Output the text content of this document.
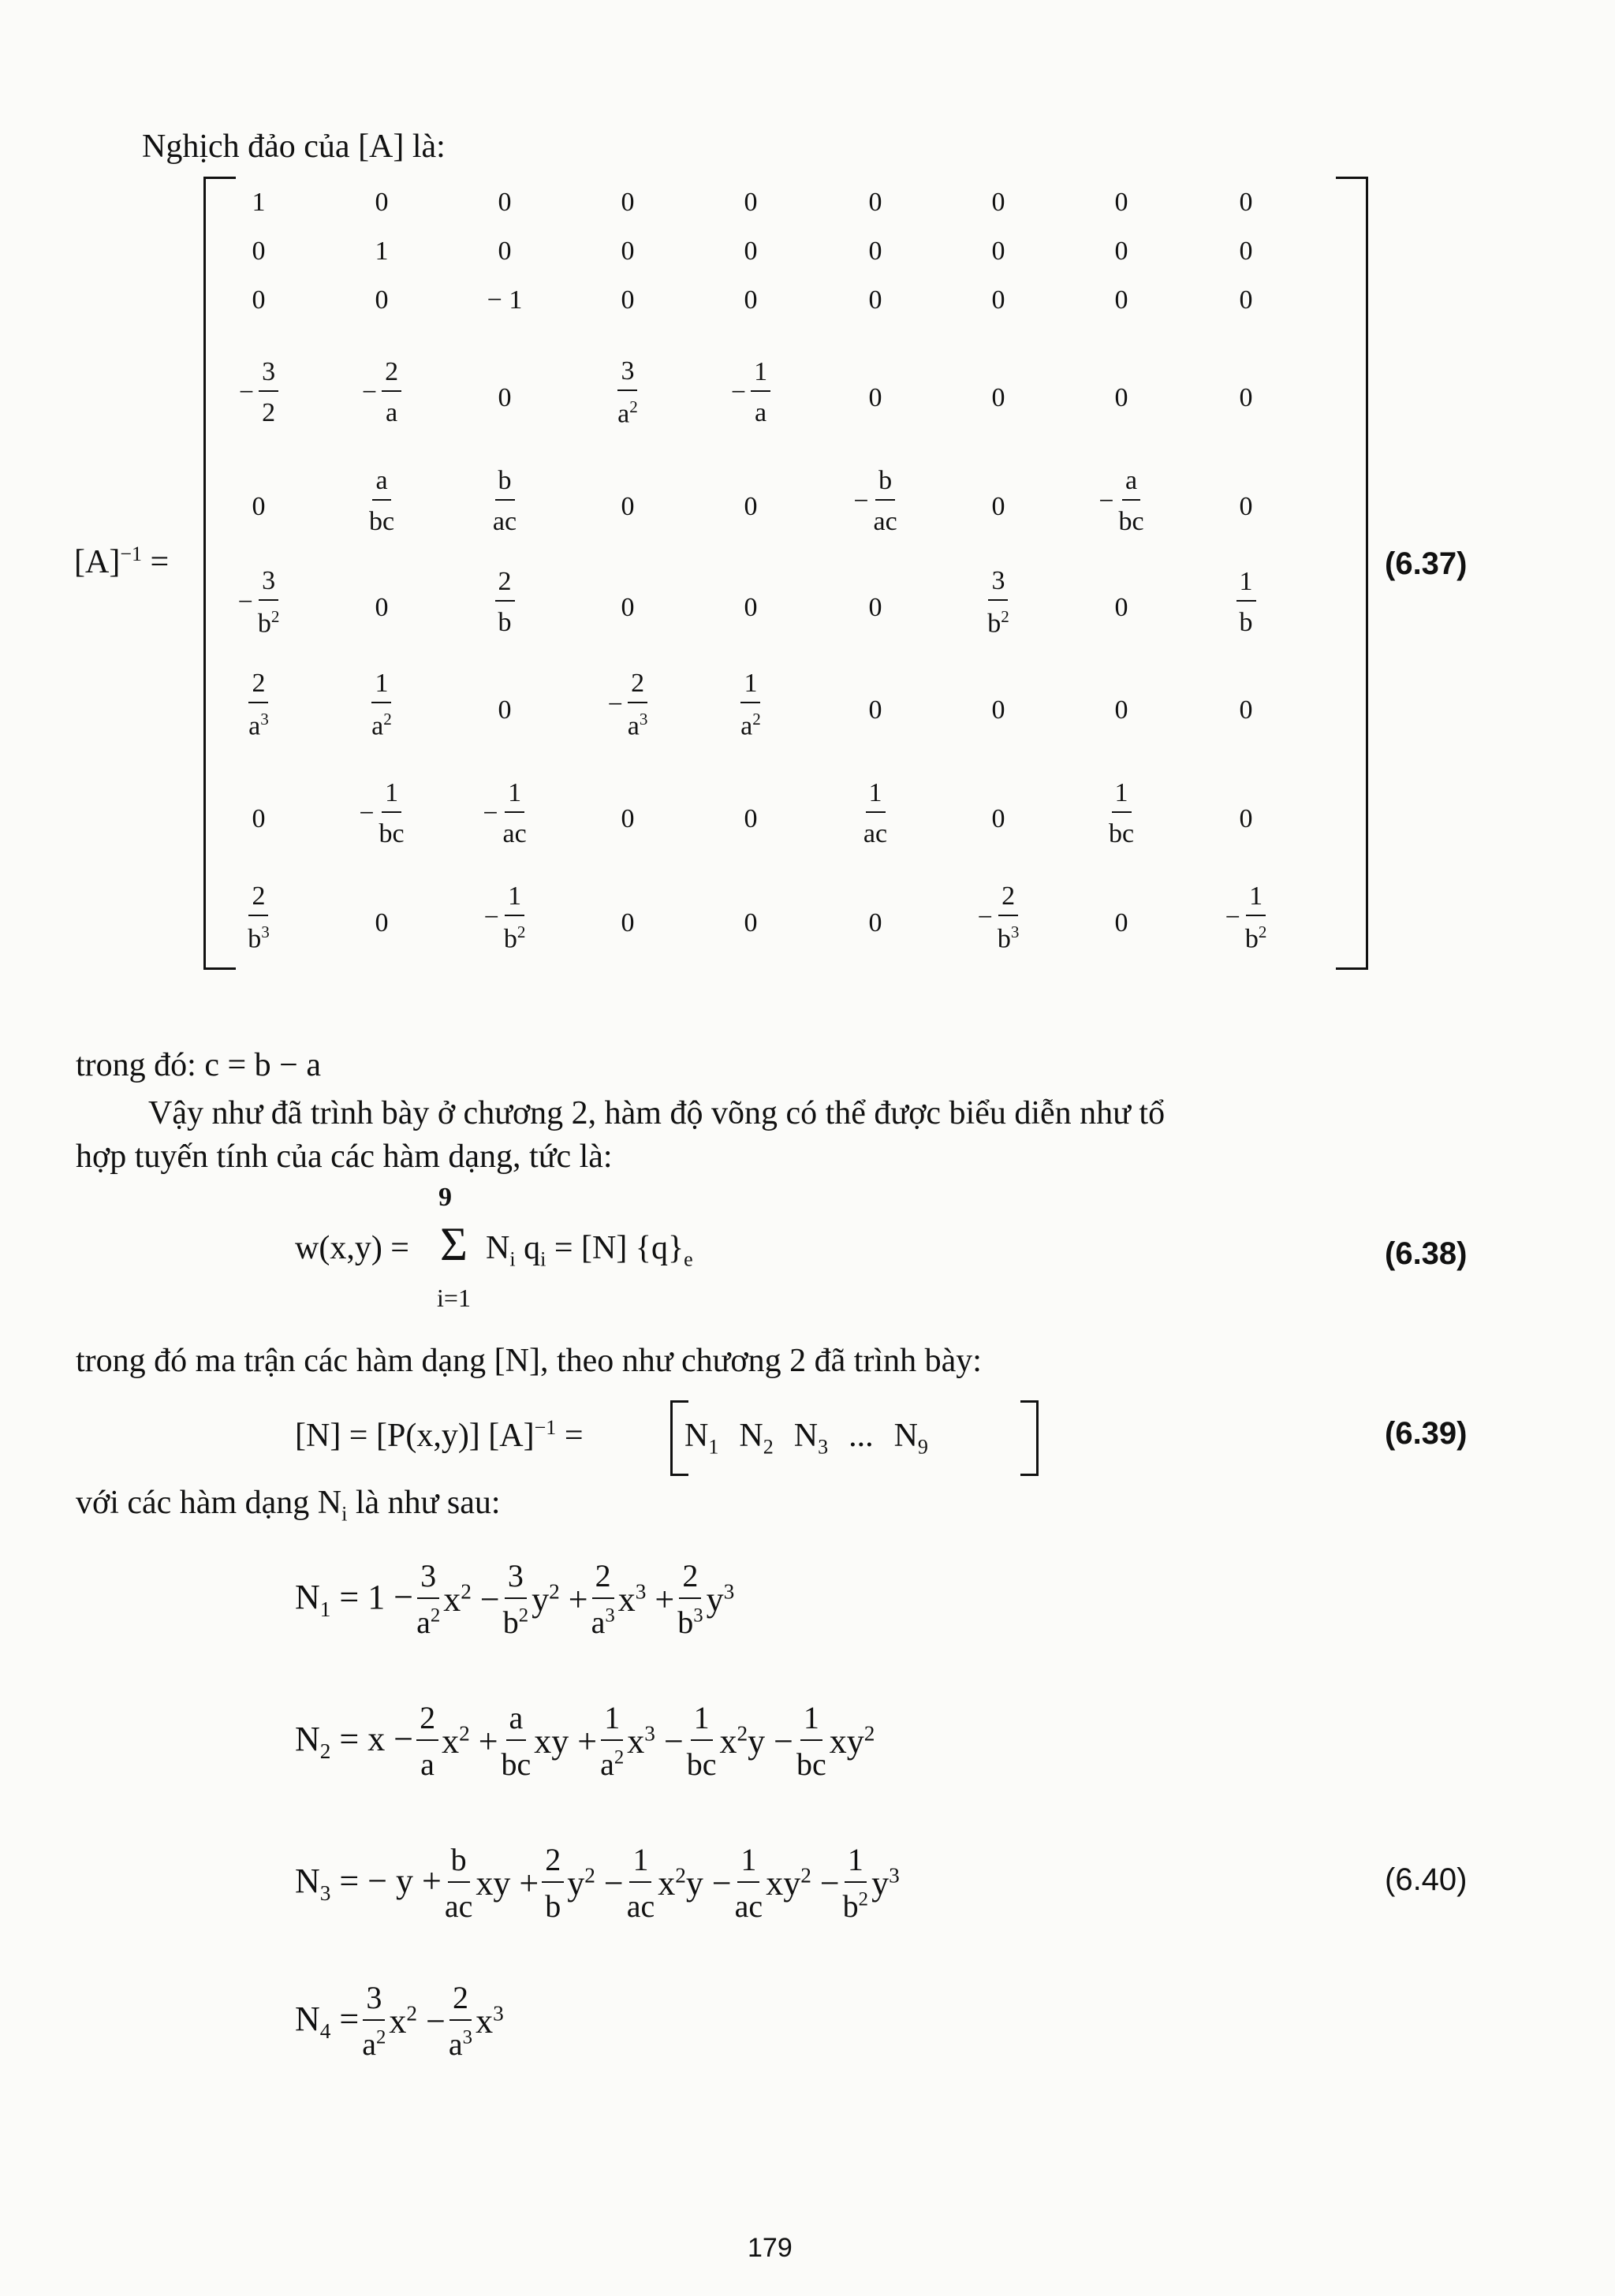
Nghịch đảo của [A] là:
$[A]^{-1}$ =
1	0	0	0	0	0	0	0	0
0	1	0	0	0	0	0	0	0
0	0	− 1	0	0	0	0	0	0
− $\frac{3}{2}$	− $\frac{2}{a}$	0	$\frac{3}{a^2}$	− $\frac{1}{a}$	0	0	0	0
0	$\frac{a}{bc}$	$\frac{b}{ac}$	0	0	− $\frac{b}{ac}$	0	− $\frac{a}{bc}$	0
− $\frac{3}{b^2}$	0	$\frac{2}{b}$	0	0	0	$\frac{3}{b^2}$	0	$\frac{1}{b}$
$\frac{2}{a^3}$	$\frac{1}{a^2}$	0	− $\frac{2}{a^3}$	$\frac{1}{a^2}$	0	0	0	0
0	− $\frac{1}{bc}$	− $\frac{1}{ac}$	0	0	$\frac{1}{ac}$	0	$\frac{1}{bc}$	0
$\frac{2}{b^3}$	0	− $\frac{1}{b^2}$	0	0	0	− $\frac{2}{b^3}$	0	− $\frac{1}{b^2}$
(6.37)
trong đó: c = b − a
Vậy như đã trình bày ở chương 2, hàm độ võng có thể được biểu diễn như tổ
hợp tuyến tính của các hàm dạng, tức là:
w(x,y) =
9
Σ
i=1
$N_i$ $q_i = [N]$ $\{q\}_e$	(6.38)
trong đó ma trận các hàm dạng [N], theo như chương 2 đã trình bày:
[N] = [P(x,y)] $[A]^{-1}$ =	$N_1$ $N_2$ $N_3$ ... $N_9$	(6.39)
với các hàm dạng $N_i$ là như sau:
$N_1 = 1 - \frac{3}{a^2} x^2 - \frac{3}{b^2} y^2 + \frac{2}{a^3} x^3 + \frac{2}{b^3} y^3$
$N_2 = x - \frac{2}{a} x^2 + \frac{a}{bc}$ xy + $\frac{1}{a^2} x^3 - \frac{1}{bc} x^2y - \frac{1}{bc} xy^2$
$N_3$ = − $y + \frac{b}{ac}$ xy + $\frac{2}{b} y^2 - \frac{1}{ac} x^2y - \frac{1}{ac} xy^2 - \frac{1}{b^2} y^3$	(6.40)
$N_4 = \frac{3}{a^2} x^2 - \frac{2}{a^3} x^3$
179
